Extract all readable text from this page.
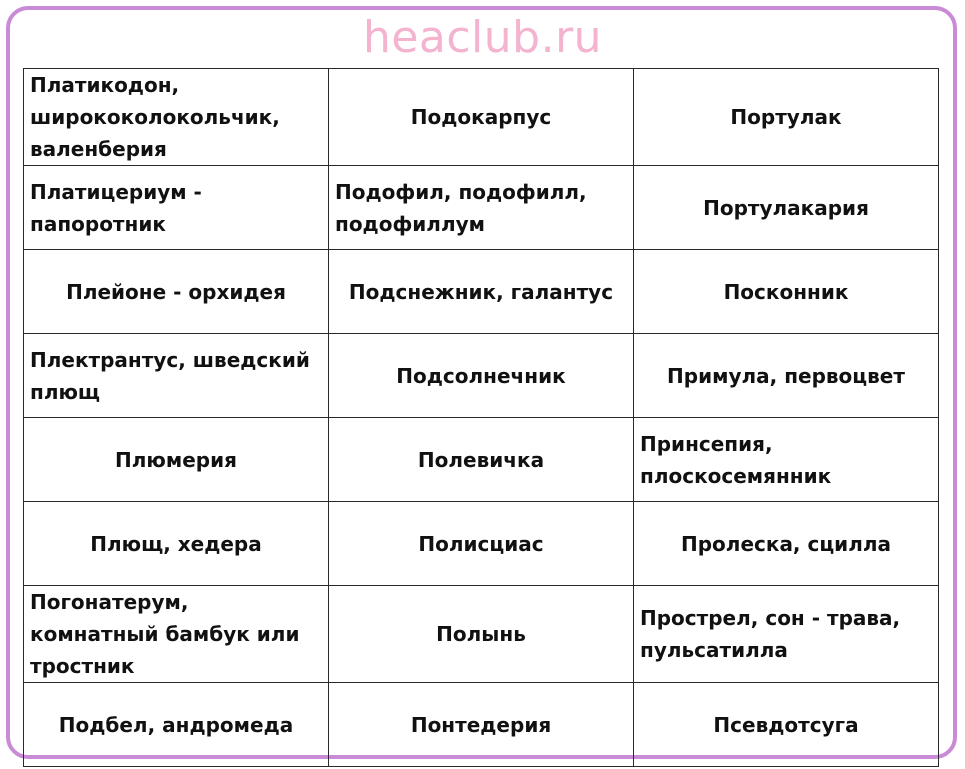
heaclub.ru
Платикодон, ширококолокольчик, валенберия	Подокарпус	Портулак
Платицериум - папоротник	Подофил, подофилл, подофиллум	Портулакария
Плейоне - орхидея	Подснежник, галантус	Посконник
Плектрантус, шведский плющ	Подсолнечник	Примула, первоцвет
Плюмерия	Полевичка	Принсепия, плоскосемянник
Плющ, хедера	Полисциас	Пролеска, сцилла
Погонатерум, комнатный бамбук или тростник	Полынь	Прострел, сон - трава, пульсатилла
Подбел, андромеда	Понтедерия	Псевдотсуга
